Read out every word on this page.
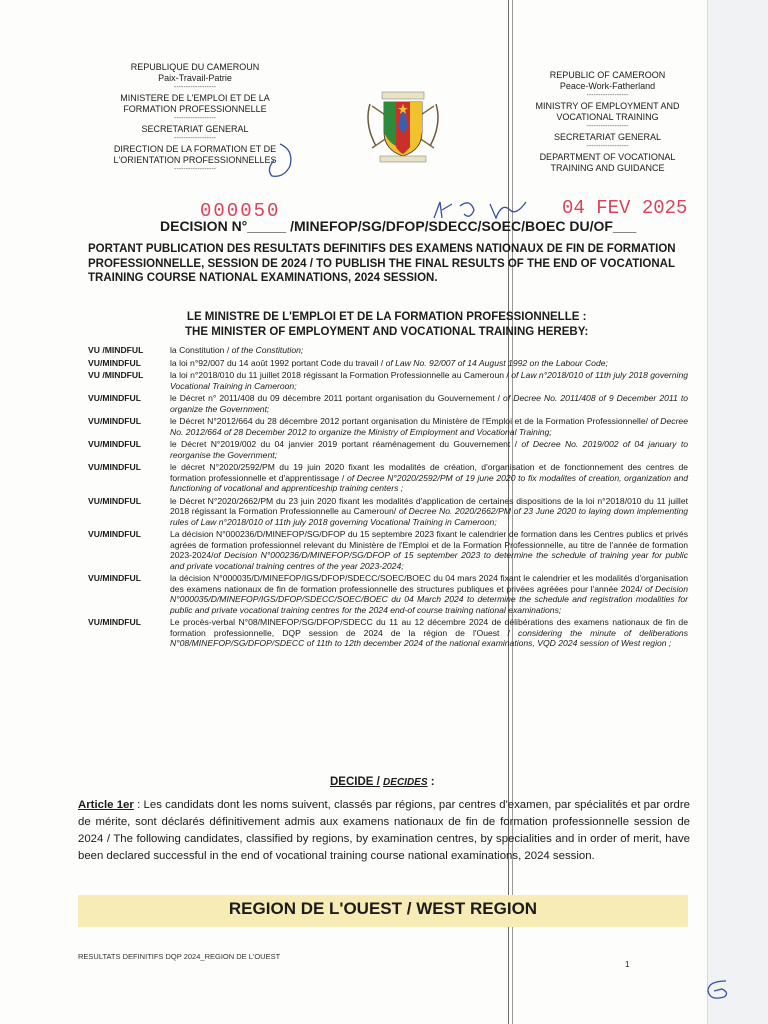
REPUBLIQUE DU CAMEROUN
Paix-Travail-Patrie
------------------
MINISTERE DE L'EMPLOI ET DE LA FORMATION PROFESSIONNELLE
------------------
SECRETARIAT GENERAL
------------------
DIRECTION DE LA FORMATION ET DE L'ORIENTATION PROFESSIONNELLES
------------------
REPUBLIC OF CAMEROON
Peace-Work-Fatherland
------------------
MINISTRY OF EMPLOYMENT AND VOCATIONAL TRAINING
------------------
SECRETARIAT GENERAL
------------------
DEPARTMENT OF VOCATIONAL TRAINING AND GUIDANCE
000050	04 FEV 2025
DECISION N°_____ /MINEFOP/SG/DFOP/SDECC/SOEC/BOEC DU/OF___
PORTANT PUBLICATION DES RESULTATS DEFINITIFS DES EXAMENS NATIONAUX DE FIN DE FORMATION PROFESSIONNELLE, SESSION DE 2024 / TO PUBLISH THE FINAL RESULTS OF THE END OF VOCATIONAL TRAINING COURSE NATIONAL EXAMINATIONS, 2024 SESSION.
LE MINISTRE DE L'EMPLOI ET DE LA FORMATION PROFESSIONNELLE :
THE MINISTER OF EMPLOYMENT AND VOCATIONAL TRAINING HEREBY:
VU /MINDFUL	la Constitution / of the Constitution;
VU/MINDFUL	la loi n°92/007 du 14 août 1992 portant Code du travail / of Law No. 92/007 of 14 August 1992 on the Labour Code;
VU /MINDFUL	la loi n°2018/010 du 11 juillet 2018 régissant la Formation Professionnelle au Cameroun / of Law n°2018/010 of 11th july 2018 governing Vocational Training in Cameroon;
VU/MINDFUL	le Décret n° 2011/408 du 09 décembre 2011 portant organisation du Gouvernement / of Decree No. 2011/408 of 9 December 2011 to organize the Government;
VU/MINDFUL	le Décret N°2012/664 du 28 décembre 2012 portant organisation du Ministère de l'Emploi et de la Formation Professionnelle/ of Decree No. 2012/664 of 28 December 2012 to organize the Ministry of Employment and Vocational Training;
VU/MINDFUL	le Décret N°2019/002 du 04 janvier 2019 portant réaménagement du Gouvernement / of Decree No. 2019/002 of 04 january to reorganise the Government;
VU/MINDFUL	le décret N°2020/2592/PM du 19 juin 2020 fixant les modalités de création, d'organisation et de fonctionnement des centres de formation professionnelle et d'apprentissage / of Decree N°2020/2592/PM of 19 june 2020 to fix modalites of creation, organization and functioning of vocational and apprenticeship training centers ;
VU/MINDFUL	le Décret N°2020/2662/PM du 23 juin 2020 fixant les modalités d'application de certaines dispositions de la loi n°2018/010 du 11 juillet 2018 régissant la Formation Professionnelle au Cameroun/ of Decree No. 2020/2662/PM of 23 June 2020 to laying down implementing rules of Law n°2018/010 of 11th july 2018 governing Vocational Training in Cameroon;
VU/MINDFUL	La décision N°000236/D/MINEFOP/SG/DFOP du 15 septembre 2023 fixant le calendrier de formation dans les Centres publics et privés agrées de formation professionnel relevant du Ministère de l'Emploi et de la Formation Professionnelle, au titre de l'année de formation 2023-2024/of Decision N°000236/D/MINEFOP/SG/DFOP of 15 september 2023 to determine the schedule of training year for public and private vocational training centres of the year 2023-2024;
VU/MINDFUL	la décision N°000035/D/MINEFOP/IGS/DFOP/SDECC/SOEC/BOEC du 04 mars 2024 fixant le calendrier et les modalités d'organisation des examens nationaux de fin de formation professionnelle des structures publiques et privées agréées pour l'année 2024/ of Decision N°000035/D/MINEFOP/IGS/DFOP/SDECC/SOEC/BOEC du 04 March 2024 to determine the schedule and registration modalities for public and private vocational training centres for the 2024 end-of course training national examinations;
VU/MINDFUL	Le procès-verbal N°08/MINEFOP/SG/DFOP/SDECC du 11 au 12 décembre 2024 de délibérations des examens nationaux de fin de formation professionnelle, DQP session de 2024 de la région de l'Ouest / considering the minute of deliberations N°08/MINEFOP/SG/DFOP/SDECC of 11th to 12th december 2024 of the national examinations, VQD 2024 session of West region ;
DECIDE / DECIDES :
Article 1er : Les candidats dont les noms suivent, classés par régions, par centres d'examen, par spécialités et par ordre de mérite, sont déclarés définitivement admis aux examens nationaux de fin de formation professionnelle session de 2024 / The following candidates, classified by regions, by examination centres, by specialities and in order of merit, have been declared successful in the end of vocational training course national examinations, 2024 session.
REGION DE L'OUEST / WEST REGION
RESULTATS DEFINITIFS DQP 2024_REGION DE L'OUEST
1
